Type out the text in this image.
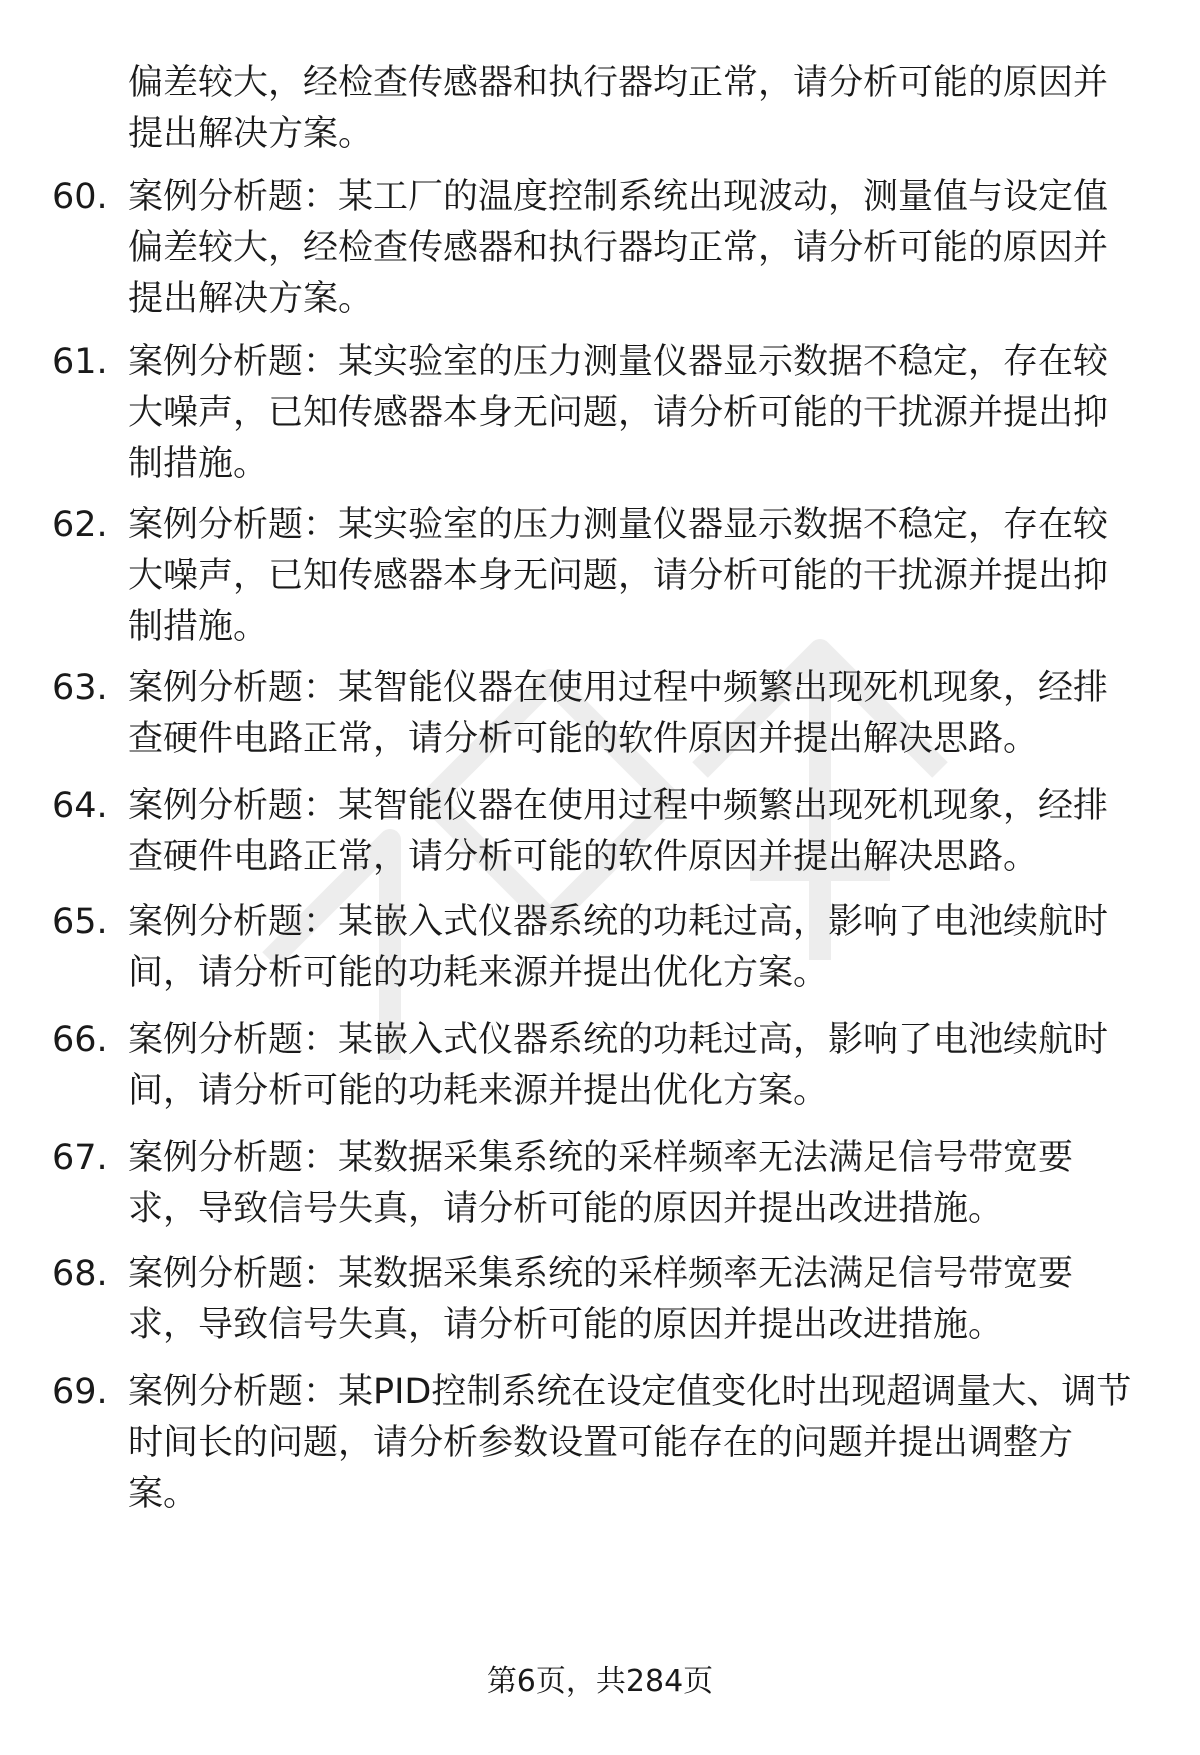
偏差较大，经检查传感器和执行器均正常，请分析可能的原因并提出解决方案。

60. 案例分析题：某工厂的温度控制系统出现波动，测量值与设定值偏差较大，经检查传感器和执行器均正常，请分析可能的原因并提出解决方案。

61. 案例分析题：某实验室的压力测量仪器显示数据不稳定，存在较大噪声，已知传感器本身无问题，请分析可能的干扰源并提出抑制措施。

62. 案例分析题：某实验室的压力测量仪器显示数据不稳定，存在较大噪声，已知传感器本身无问题，请分析可能的干扰源并提出抑制措施。

63. 案例分析题：某智能仪器在使用过程中频繁出现死机现象，经排查硬件电路正常，请分析可能的软件原因并提出解决思路。

64. 案例分析题：某智能仪器在使用过程中频繁出现死机现象，经排查硬件电路正常，请分析可能的软件原因并提出解决思路。

65. 案例分析题：某嵌入式仪器系统的功耗过高，影响了电池续航时间，请分析可能的功耗来源并提出优化方案。

66. 案例分析题：某嵌入式仪器系统的功耗过高，影响了电池续航时间，请分析可能的功耗来源并提出优化方案。

67. 案例分析题：某数据采集系统的采样频率无法满足信号带宽要求，导致信号失真，请分析可能的原因并提出改进措施。

68. 案例分析题：某数据采集系统的采样频率无法满足信号带宽要求，导致信号失真，请分析可能的原因并提出改进措施。

69. 案例分析题：某PID控制系统在设定值变化时出现超调量大、调节时间长的问题，请分析参数设置可能存在的问题并提出调整方案。

第6页，共284页
